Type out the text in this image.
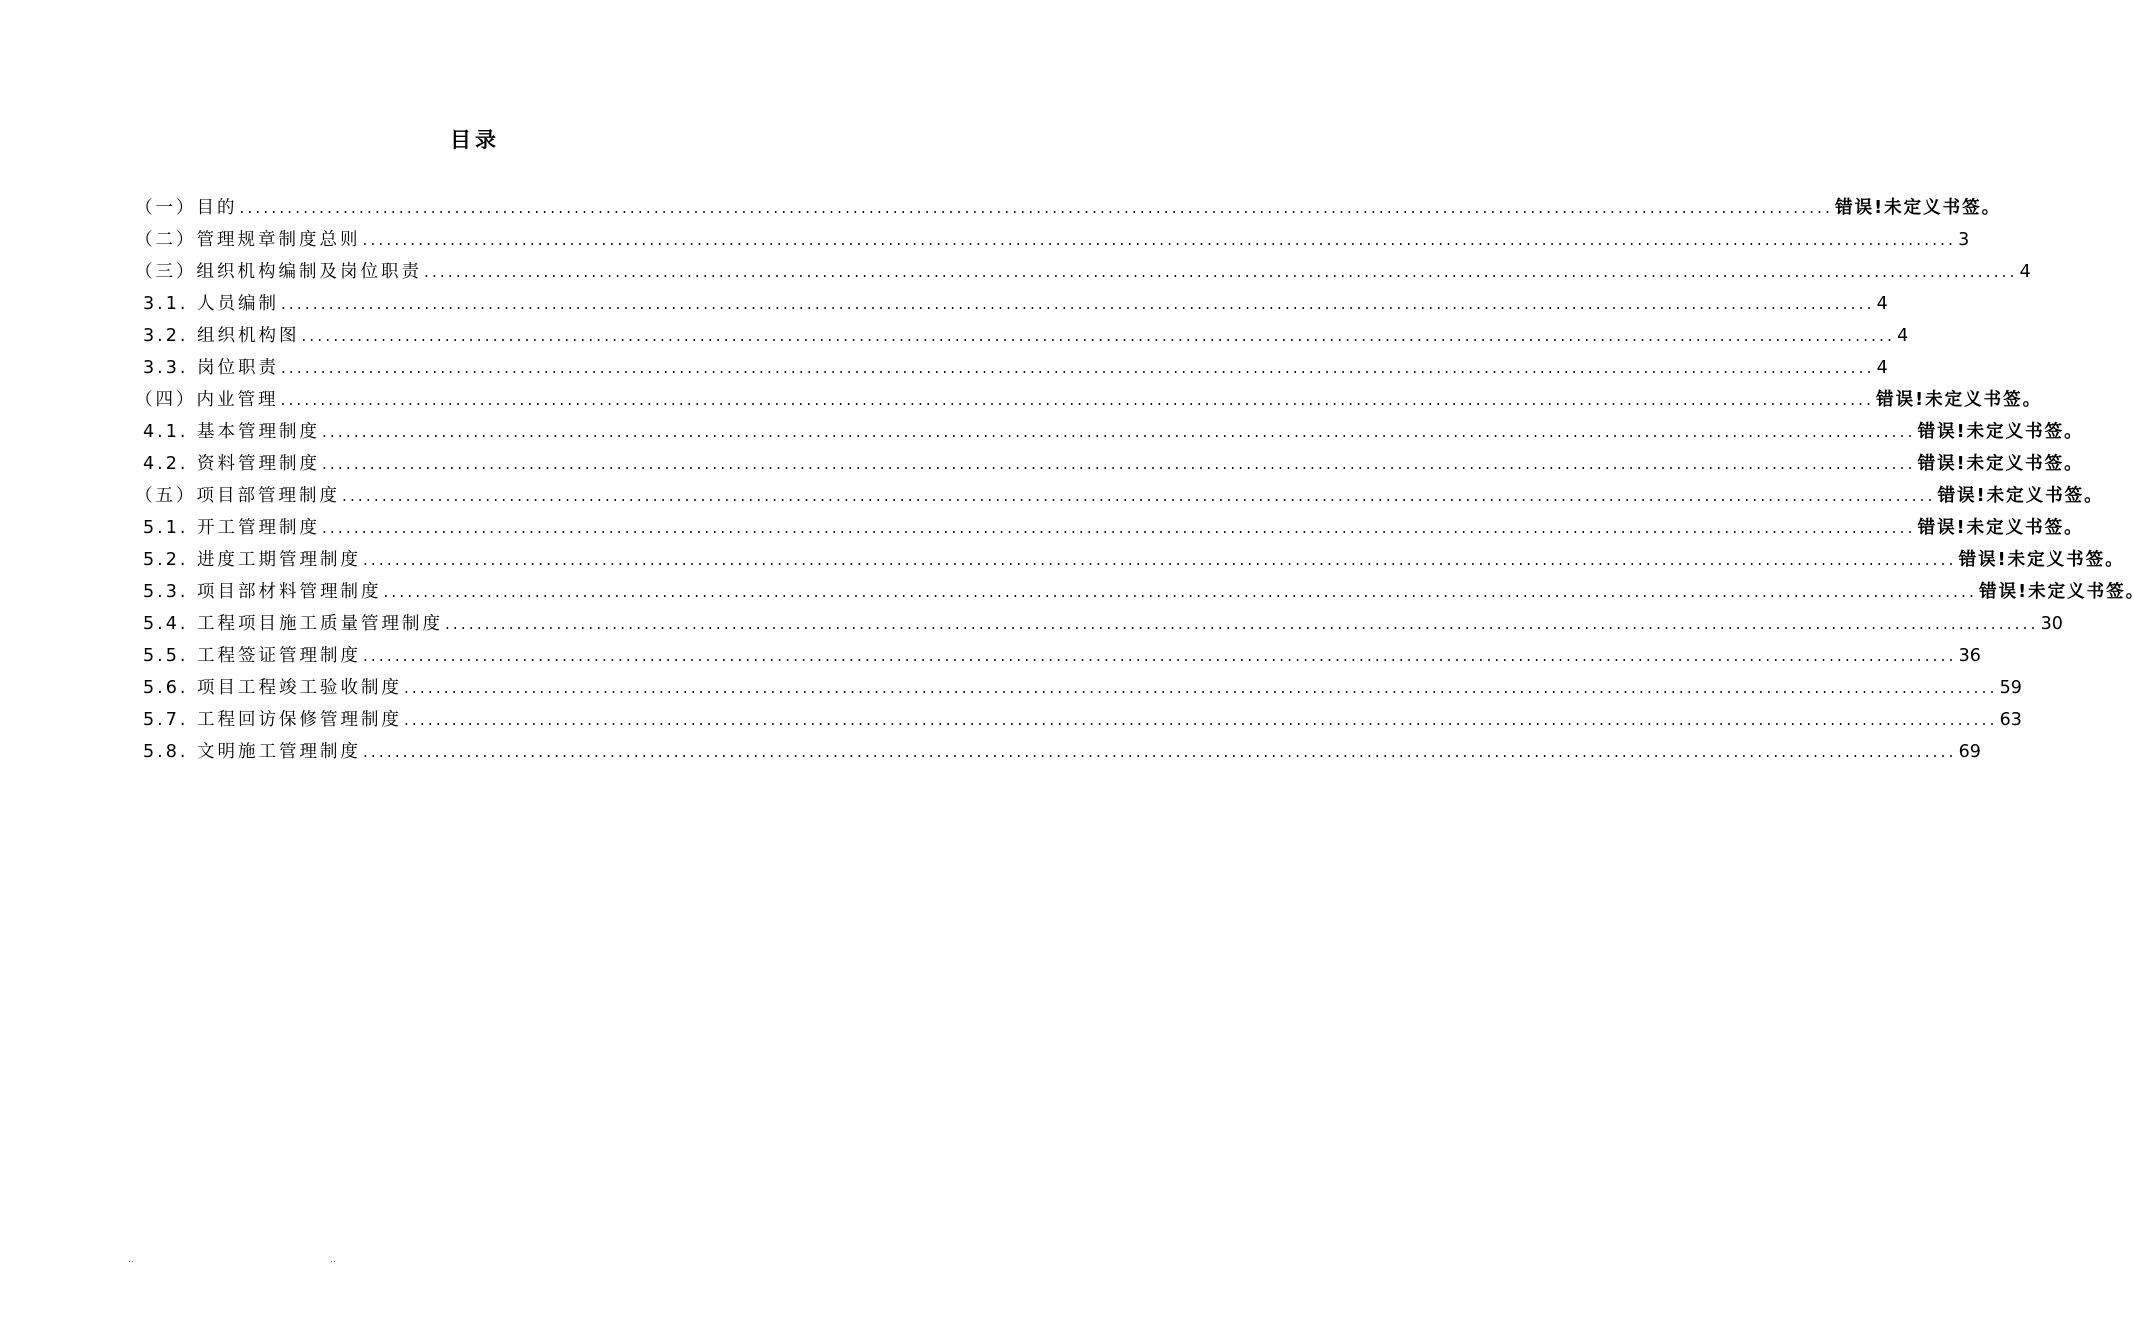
目录
（一）目的 ........................................................................................................................................................................................................ 错误!未定义书签。
（二）管理规章制度总则 ........................................................................................................................................................................................................ 3
（三）组织机构编制及岗位职责 ........................................................................................................................................................................................................ 4
3.1. 人员编制 ........................................................................................................................................................................................................ 4
3.2. 组织机构图 ........................................................................................................................................................................................................ 4
3.3. 岗位职责 ........................................................................................................................................................................................................ 4
（四）内业管理 ........................................................................................................................................................................................................ 错误!未定义书签。
4.1. 基本管理制度 ........................................................................................................................................................................................................ 错误!未定义书签。
4.2. 资料管理制度 ........................................................................................................................................................................................................ 错误!未定义书签。
（五）项目部管理制度 ........................................................................................................................................................................................................ 错误!未定义书签。
5.1. 开工管理制度 ........................................................................................................................................................................................................ 错误!未定义书签。
5.2. 进度工期管理制度 ........................................................................................................................................................................................................ 错误!未定义书签。
5.3. 项目部材料管理制度 ........................................................................................................................................................................................................ 错误!未定义书签。
5.4. 工程项目施工质量管理制度 ........................................................................................................................................................................................................ 30
5.5. 工程签证管理制度 ........................................................................................................................................................................................................ 36
5.6. 项目工程竣工验收制度 ........................................................................................................................................................................................................ 59
5.7. 工程回访保修管理制度 ........................................................................................................................................................................................................ 63
5.8. 文明施工管理制度 ........................................................................................................................................................................................................ 69
..	..
